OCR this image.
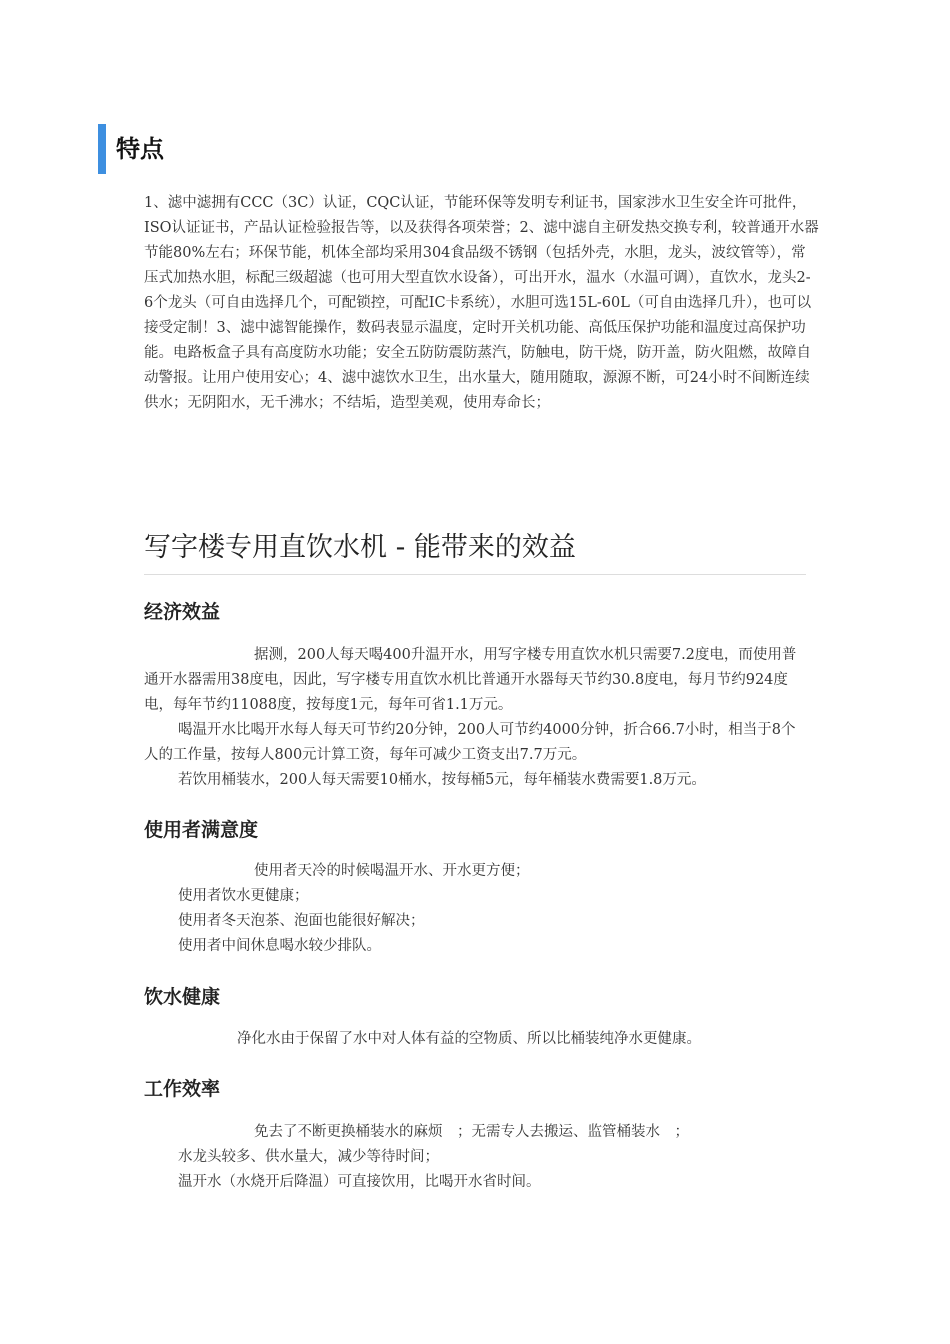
特点

1、滤中滤拥有CCC（3C）认证，CQC认证，节能环保等发明专利证书，国家涉水卫生安全许可批件，ISO认证证书，产品认证检验报告等，以及获得各项荣誉；2、滤中滤自主研发热交换专利，较普通开水器节能80%左右；环保节能，机体全部均采用304食品级不锈钢（包括外壳，水胆，龙头，波纹管等），常压式加热水胆，标配三级超滤（也可用大型直饮水设备），可出开水，温水（水温可调），直饮水，龙头2-6个龙头（可自由选择几个，可配锁控，可配IC卡系统），水胆可选15L-60L（可自由选择几升），也可以接受定制！3、滤中滤智能操作，数码表显示温度，定时开关机功能、高低压保护功能和温度过高保护功能。电路板盒子具有高度防水功能；安全五防防震防蒸汽，防触电，防干烧，防开盖，防火阻燃，故障自动警报。让用户使用安心；4、滤中滤饮水卫生，出水量大，随用随取，源源不断，可24小时不间断连续供水；无阴阳水，无千沸水；不结垢，造型美观，使用寿命长；

写字楼专用直饮水机 - 能带来的效益
经济效益

据测，200人每天喝400升温开水，用写字楼专用直饮水机只需要7.2度电，而使用普通开水器需用38度电，因此，写字楼专用直饮水机比普通开水器每天节约30.8度电，每月节约924度电，每年节约11088度，按每度1元，每年可省1.1万元。

喝温开水比喝开水每人每天可节约20分钟，200人可节约4000分钟，折合66.7小时，相当于8个人的工作量，按每人800元计算工资，每年可减少工资支出7.7万元。

若饮用桶装水，200人每天需要10桶水，按每桶5元，每年桶装水费需要1.8万元。

使用者满意度

使用者天冷的时候喝温开水、开水更方便；

使用者饮水更健康；

使用者冬天泡茶、泡面也能很好解决；

使用者中间休息喝水较少排队。

饮水健康

净化水由于保留了水中对人体有益的空物质、所以比桶装纯净水更健康。

工作效率

免去了不断更换桶装水的麻烦　；无需专人去搬运、监管桶装水　；

水龙头较多、供水量大，减少等待时间；

温开水（水烧开后降温）可直接饮用，比喝开水省时间。
